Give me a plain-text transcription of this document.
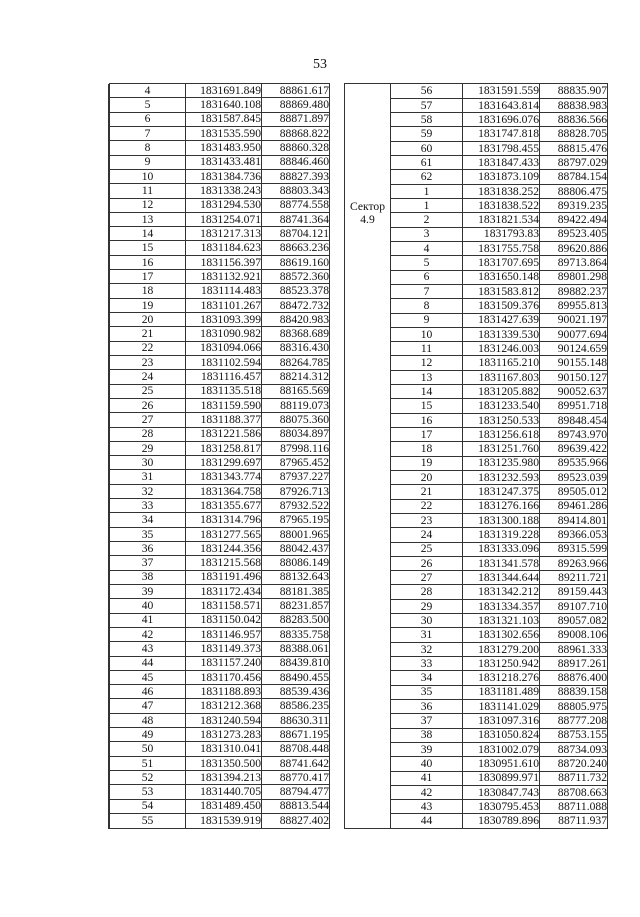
53
	4	1831691.849	88861.617
	5	1831640.108	88869.480
	6	1831587.845	88871.897
	7	1831535.590	88868.822
	8	1831483.950	88860.328
	9	1831433.481	88846.460
	10	1831384.736	88827.393
	11	1831338.243	88803.343
	12	1831294.530	88774.558
	13	1831254.071	88741.364
	14	1831217.313	88704.121
	15	1831184.623	88663.236
	16	1831156.397	88619.160
	17	1831132.921	88572.360
	18	1831114.483	88523.378
	19	1831101.267	88472.732
	20	1831093.399	88420.983
	21	1831090.982	88368.689
	22	1831094.066	88316.430
	23	1831102.594	88264.785
	24	1831116.457	88214.312
	25	1831135.518	88165.569
	26	1831159.590	88119.073
	27	1831188.377	88075.360
	28	1831221.586	88034.897
	29	1831258.817	87998.116
	30	1831299.697	87965.452
	31	1831343.774	87937.227
	32	1831364.758	87926.713
	33	1831355.677	87932.522
	34	1831314.796	87965.195
	35	1831277.565	88001.965
	36	1831244.356	88042.437
	37	1831215.568	88086.149
	38	1831191.496	88132.643
	39	1831172.434	88181.385
	40	1831158.571	88231.857
	41	1831150.042	88283.500
	42	1831146.957	88335.758
	43	1831149.373	88388.061
	44	1831157.240	88439.810
	45	1831170.456	88490.455
	46	1831188.893	88539.436
	47	1831212.368	88586.235
	48	1831240.594	88630.311
	49	1831273.283	88671.195
	50	1831310.041	88708.448
	51	1831350.500	88741.642
	52	1831394.213	88770.417
	53	1831440.705	88794.477
	54	1831489.450	88813.544
	55	1831539.919	88827.402
	56	1831591.559	88835.907
	57	1831643.814	88838.983
	58	1831696.076	88836.566
	59	1831747.818	88828.705
	60	1831798.455	88815.476
	61	1831847.433	88797.029
	62	1831873.109	88784.154
	1	1831838.252	88806.475
Сектор 4.9	1	1831838.522	89319.235
	2	1831821.534	89422.494
	3	1831793.83	89523.405
	4	1831755.758	89620.886
	5	1831707.695	89713.864
	6	1831650.148	89801.298
	7	1831583.812	89882.237
	8	1831509.376	89955.813
	9	1831427.639	90021.197
	10	1831339.530	90077.694
	11	1831246.003	90124.659
	12	1831165.210	90155.148
	13	1831167.803	90150.127
	14	1831205.882	90052.637
	15	1831233.540	89951.718
	16	1831250.533	89848.454
	17	1831256.618	89743.970
	18	1831251.760	89639.422
	19	1831235.980	89535.966
	20	1831232.593	89523.039
	21	1831247.375	89505.012
	22	1831276.166	89461.286
	23	1831300.188	89414.801
	24	1831319.228	89366.053
	25	1831333.096	89315.599
	26	1831341.578	89263.966
	27	1831344.644	89211.721
	28	1831342.212	89159.443
	29	1831334.357	89107.710
	30	1831321.103	89057.082
	31	1831302.656	89008.106
	32	1831279.200	88961.333
	33	1831250.942	88917.261
	34	1831218.276	88876.400
	35	1831181.489	88839.158
	36	1831141.029	88805.975
	37	1831097.316	88777.208
	38	1831050.824	88753.155
	39	1831002.079	88734.093
	40	1830951.610	88720.240
	41	1830899.971	88711.732
	42	1830847.743	88708.663
	43	1830795.453	88711.088
	44	1830789.896	88711.937
